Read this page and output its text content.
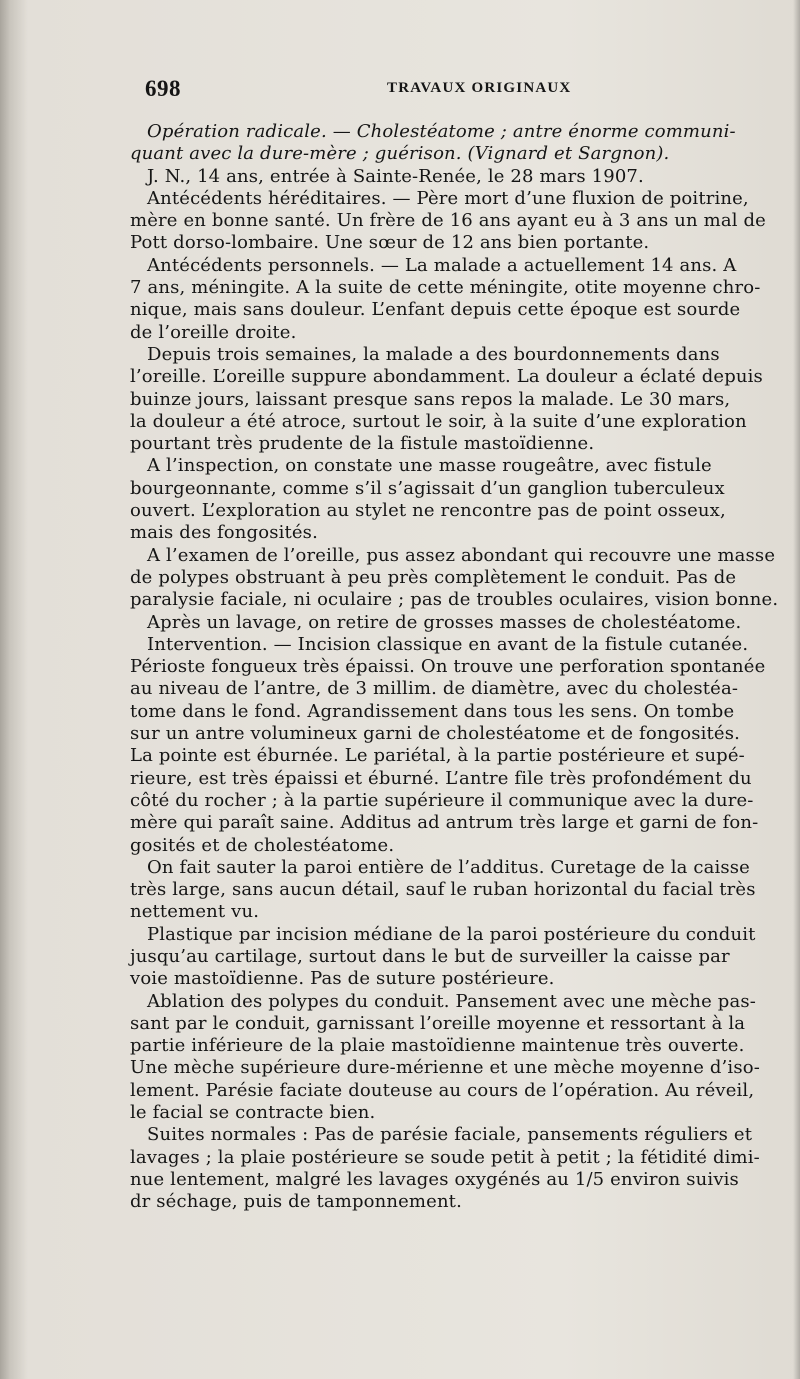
698	TRAVAUX ORIGINAUX
Opération radicale. — Cholestéatome ; antre énorme communi-
quant avec la dure-mère ; guérison. (Vignard et Sargnon).
J. N., 14 ans, entrée à Sainte-Renée, le 28 mars 1907.
Antécédents héréditaires. — Père mort d’une fluxion de poitrine,
mère en bonne santé. Un frère de 16 ans ayant eu à 3 ans un mal de
Pott dorso-lombaire. Une sœur de 12 ans bien portante.
Antécédents personnels. — La malade a actuellement 14 ans. A
7 ans, méningite. A la suite de cette méningite, otite moyenne chro-
nique, mais sans douleur. L’enfant depuis cette époque est sourde
de l’oreille droite.
Depuis trois semaines, la malade a des bourdonnements dans
l’oreille. L’oreille suppure abondamment. La douleur a éclaté depuis
buinze jours, laissant presque sans repos la malade. Le 30 mars,
la douleur a été atroce, surtout le soir, à la suite d’une exploration
pourtant très prudente de la fistule mastoïdienne.
A l’inspection, on constate une masse rougeâtre, avec fistule
bourgeonnante, comme s’il s’agissait d’un ganglion tuberculeux
ouvert. L’exploration au stylet ne rencontre pas de point osseux,
mais des fongosités.
A l’examen de l’oreille, pus assez abondant qui recouvre une masse
de polypes obstruant à peu près complètement le conduit. Pas de
paralysie faciale, ni oculaire ; pas de troubles oculaires, vision bonne.
Après un lavage, on retire de grosses masses de cholestéatome.
Intervention. — Incision classique en avant de la fistule cutanée.
Périoste fongueux très épaissi. On trouve une perforation spontanée
au niveau de l’antre, de 3 millim. de diamètre, avec du cholestéa-
tome dans le fond. Agrandissement dans tous les sens. On tombe
sur un antre volumineux garni de cholestéatome et de fongosités.
La pointe est éburnée. Le pariétal, à la partie postérieure et supé-
rieure, est très épaissi et éburné. L’antre file très profondément du
côté du rocher ; à la partie supérieure il communique avec la dure-
mère qui paraît saine. Additus ad antrum très large et garni de fon-
gosités et de cholestéatome.
On fait sauter la paroi entière de l’additus. Curetage de la caisse
très large, sans aucun détail, sauf le ruban horizontal du facial très
nettement vu.
Plastique par incision médiane de la paroi postérieure du conduit
jusqu’au cartilage, surtout dans le but de surveiller la caisse par
voie mastoïdienne. Pas de suture postérieure.
Ablation des polypes du conduit. Pansement avec une mèche pas-
sant par le conduit, garnissant l’oreille moyenne et ressortant à la
partie inférieure de la plaie mastoïdienne maintenue très ouverte.
Une mèche supérieure dure-mérienne et une mèche moyenne d’iso-
lement. Parésie faciate douteuse au cours de l’opération. Au réveil,
le facial se contracte bien.
Suites normales : Pas de parésie faciale, pansements réguliers et
lavages ; la plaie postérieure se soude petit à petit ; la fétidité dimi-
nue lentement, malgré les lavages oxygénés au 1/5 environ suivis
dr séchage, puis de tamponnement.
